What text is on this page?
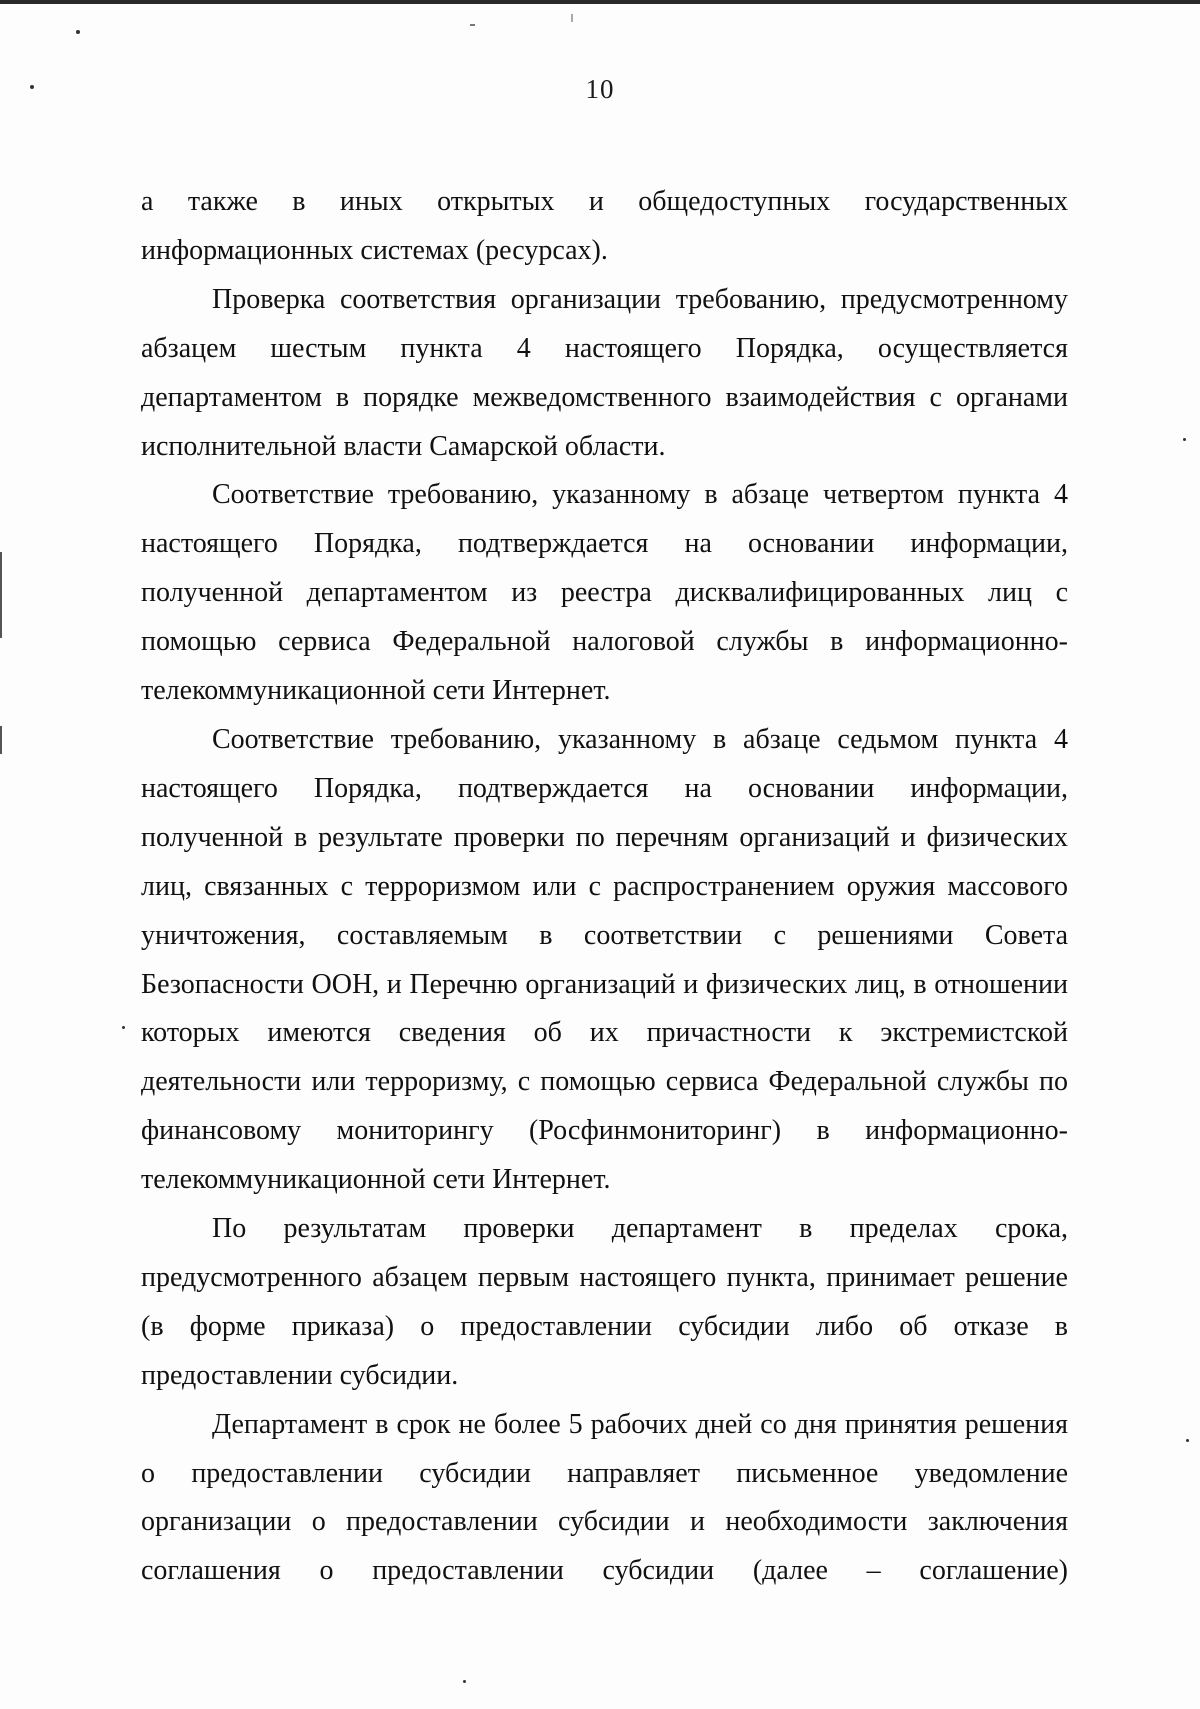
10

а также в иных открытых и общедоступных государственных информационных системах (ресурсах).

Проверка соответствия организации требованию, предусмотренному абзацем шестым пункта 4 настоящего Порядка, осуществляется департаментом в порядке межведомственного взаимодействия с органами исполнительной власти Самарской области.

Соответствие требованию, указанному в абзаце четвертом пункта 4 настоящего Порядка, подтверждается на основании информации, полученной департаментом из реестра дисквалифицированных лиц с помощью сервиса Федеральной налоговой службы в информационно-телекоммуникационной сети Интернет.

Соответствие требованию, указанному в абзаце седьмом пункта 4 настоящего Порядка, подтверждается на основании информации, полученной в результате проверки по перечням организаций и физических лиц, связанных с терроризмом или с распространением оружия массового уничтожения, составляемым в соответствии с решениями Совета Безопасности ООН, и Перечню организаций и физических лиц, в отношении которых имеются сведения об их причастности к экстремистской деятельности или терроризму, с помощью сервиса Федеральной службы по финансовому мониторингу (Росфинмониторинг) в информационно-телекоммуникационной сети Интернет.

По результатам проверки департамент в пределах срока, предусмотренного абзацем первым настоящего пункта, принимает решение (в форме приказа) о предоставлении субсидии либо об отказе в предоставлении субсидии.

Департамент в срок не более 5 рабочих дней со дня принятия решения о предоставлении субсидии направляет письменное уведомление организации о предоставлении субсидии и необходимости заключения соглашения о предоставлении субсидии (далее – соглашение)
